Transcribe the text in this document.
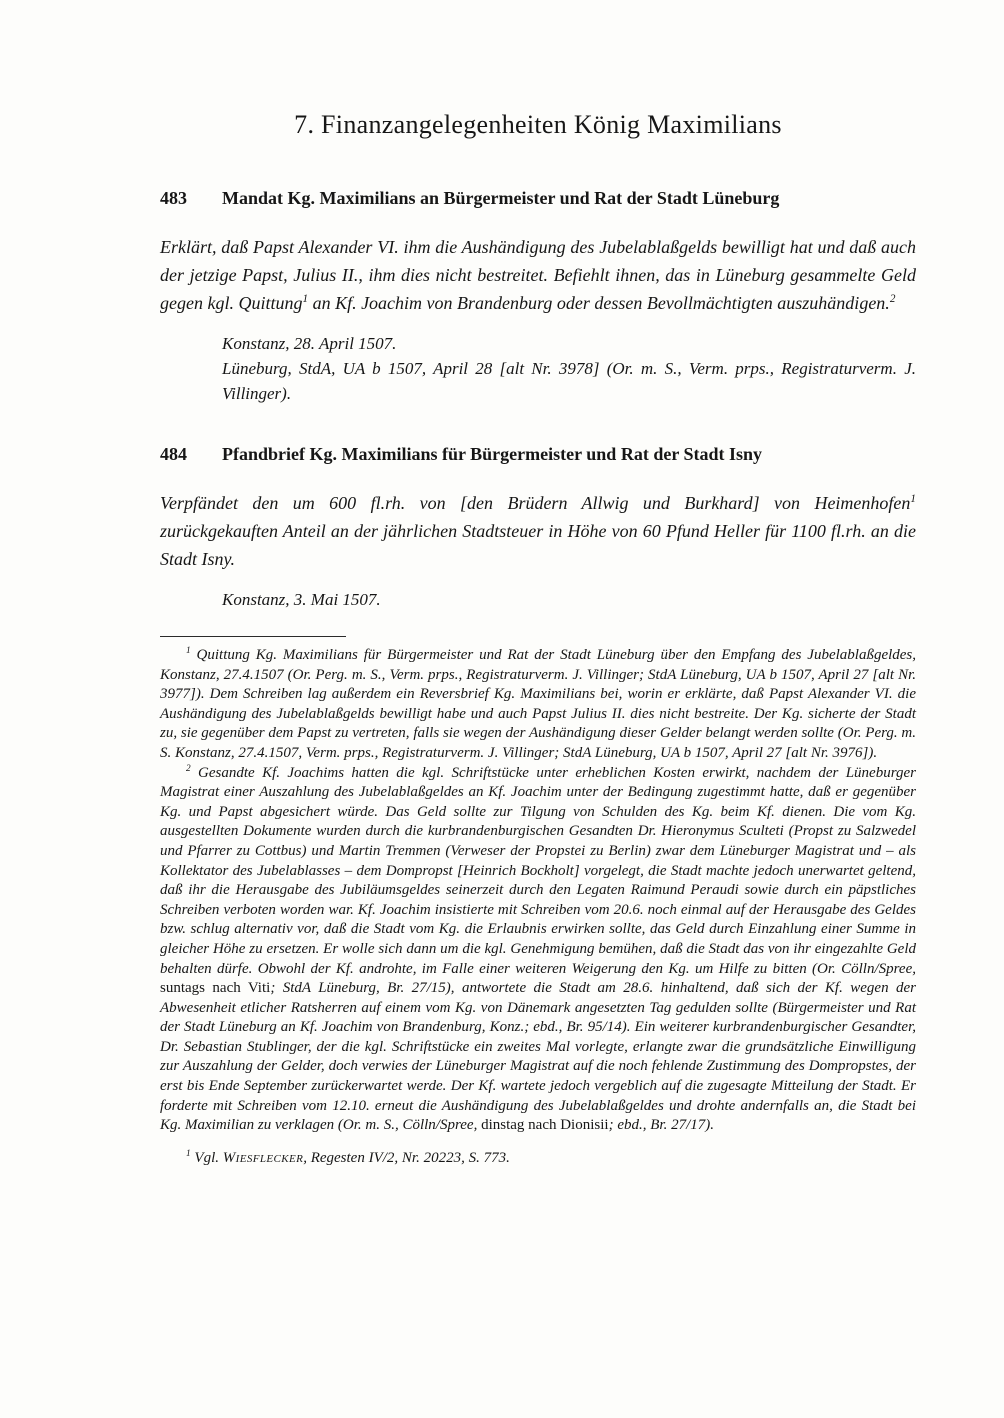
7. Finanzangelegenheiten König Maximilians
483	Mandat Kg. Maximilians an Bürgermeister und Rat der Stadt Lüneburg

Erklärt, daß Papst Alexander VI. ihm die Aushändigung des Jubelablaßgelds bewilligt hat und daß auch der jetzige Papst, Julius II., ihm dies nicht bestreitet. Befiehlt ihnen, das in Lüneburg gesammelte Geld gegen kgl. Quittung$^1$ an Kf. Joachim von Brandenburg oder dessen Bevollmächtigten auszuhändigen.$^2$

Konstanz, 28. April 1507.
Lüneburg, StdA, UA b 1507, April 28 [alt Nr. 3978] (Or. m. S., Verm. prps., Registraturverm. J. Villinger).
484	Pfandbrief Kg. Maximilians für Bürgermeister und Rat der Stadt Isny

Verpfändet den um 600 fl.rh. von [den Brüdern Allwig und Burkhard] von Heimenhofen$^1$ zurückgekauften Anteil an der jährlichen Stadtsteuer in Höhe von 60 Pfund Heller für 1100 fl.rh. an die Stadt Isny.

Konstanz, 3. Mai 1507.

$^1$ Quittung Kg. Maximilians für Bürgermeister und Rat der Stadt Lüneburg über den Empfang des Jubelablaßgeldes, Konstanz, 27.4.1507 (Or. Perg. m. S., Verm. prps., Registraturverm. J. Villinger; StdA Lüneburg, UA b 1507, April 27 [alt Nr. 3977]). Dem Schreiben lag außerdem ein Reversbrief Kg. Maximilians bei, worin er erklärte, daß Papst Alexander VI. die Aushändigung des Jubelablaßgelds bewilligt habe und auch Papst Julius II. dies nicht bestreite. Der Kg. sicherte der Stadt zu, sie gegenüber dem Papst zu vertreten, falls sie wegen der Aushändigung dieser Gelder belangt werden sollte (Or. Perg. m. S. Konstanz, 27.4.1507, Verm. prps., Registraturverm. J. Villinger; StdA Lüneburg, UA b 1507, April 27 [alt Nr. 3976]).

$^2$ Gesandte Kf. Joachims hatten die kgl. Schriftstücke unter erheblichen Kosten erwirkt, nachdem der Lüneburger Magistrat einer Auszahlung des Jubelablaßgeldes an Kf. Joachim unter der Bedingung zugestimmt hatte, daß er gegenüber Kg. und Papst abgesichert würde. Das Geld sollte zur Tilgung von Schulden des Kg. beim Kf. dienen. Die vom Kg. ausgestellten Dokumente wurden durch die kurbrandenburgischen Gesandten Dr. Hieronymus Sculteti (Propst zu Salzwedel und Pfarrer zu Cottbus) und Martin Tremmen (Verweser der Propstei zu Berlin) zwar dem Lüneburger Magistrat und – als Kollektator des Jubelablasses – dem Dompropst [Heinrich Bockholt] vorgelegt, die Stadt machte jedoch unerwartet geltend, daß ihr die Herausgabe des Jubiläumsgeldes seinerzeit durch den Legaten Raimund Peraudi sowie durch ein päpstliches Schreiben verboten worden war. Kf. Joachim insistierte mit Schreiben vom 20.6. noch einmal auf der Herausgabe des Geldes bzw. schlug alternativ vor, daß die Stadt vom Kg. die Erlaubnis erwirken sollte, das Geld durch Einzahlung einer Summe in gleicher Höhe zu ersetzen. Er wolle sich dann um die kgl. Genehmigung bemühen, daß die Stadt das von ihr eingezahlte Geld behalten dürfe. Obwohl der Kf. androhte, im Falle einer weiteren Weigerung den Kg. um Hilfe zu bitten (Or. Cölln/Spree, suntags nach Viti; StdA Lüneburg, Br. 27/15), antwortete die Stadt am 28.6. hinhaltend, daß sich der Kf. wegen der Abwesenheit etlicher Ratsherren auf einem vom Kg. von Dänemark angesetzten Tag gedulden sollte (Bürgermeister und Rat der Stadt Lüneburg an Kf. Joachim von Brandenburg, Konz.; ebd., Br. 95/14). Ein weiterer kurbrandenburgischer Gesandter, Dr. Sebastian Stublinger, der die kgl. Schriftstücke ein zweites Mal vorlegte, erlangte zwar die grundsätzliche Einwilligung zur Auszahlung der Gelder, doch verwies der Lüneburger Magistrat auf die noch fehlende Zustimmung des Dompropstes, der erst bis Ende September zurückerwartet werde. Der Kf. wartete jedoch vergeblich auf die zugesagte Mitteilung der Stadt. Er forderte mit Schreiben vom 12.10. erneut die Aushändigung des Jubelablaßgeldes und drohte andernfalls an, die Stadt bei Kg. Maximilian zu verklagen (Or. m. S., Cölln/Spree, dinstag nach Dionisii; ebd., Br. 27/17).

$^1$ Vgl. Wiesflecker, Regesten IV/2, Nr. 20223, S. 773.
